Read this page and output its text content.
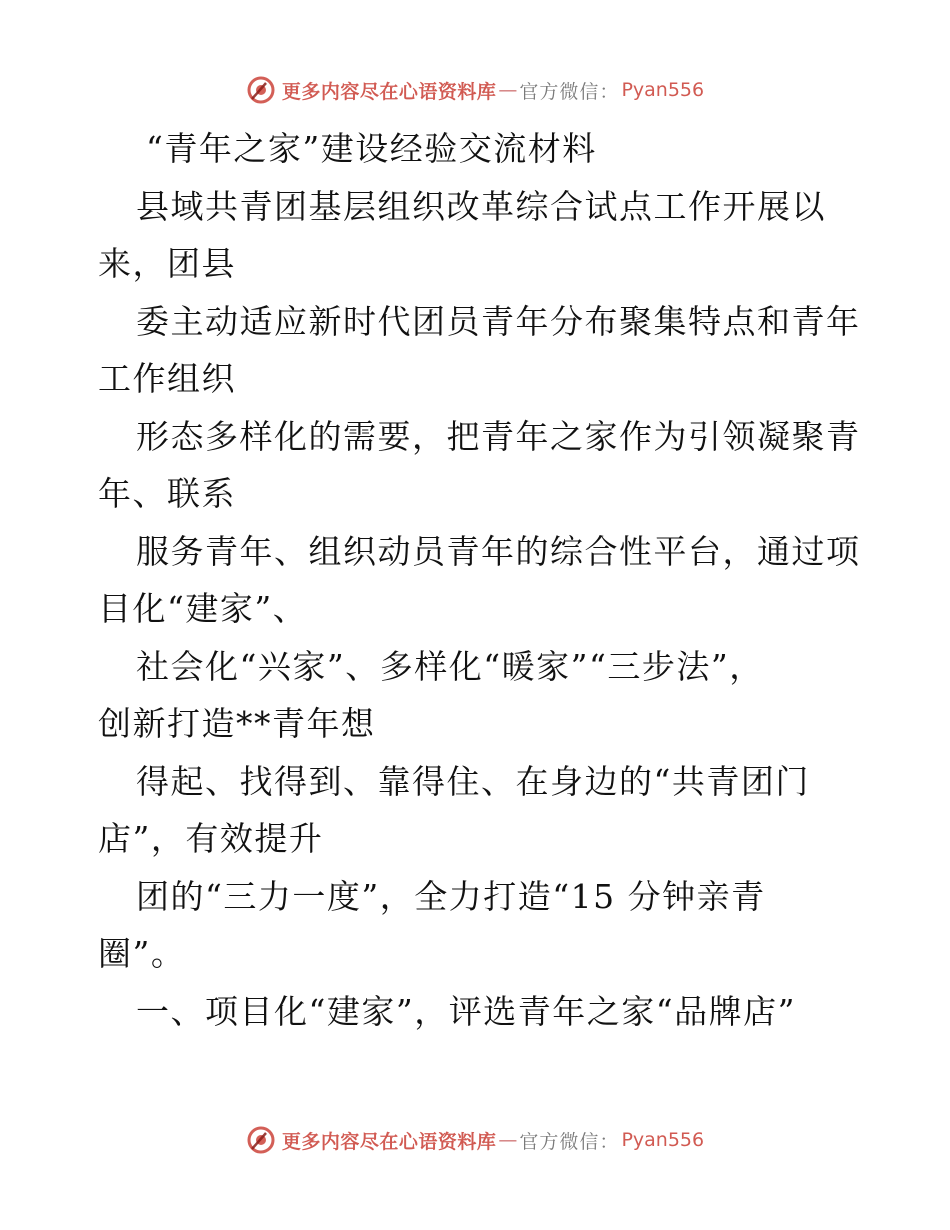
更多内容尽在心语资料库 — 官方微信： Pyan556
“青年之家”建设经验交流材料
县域共青团基层组织改革综合试点工作开展以
来，团县
委主动适应新时代团员青年分布聚集特点和青年
工作组织
形态多样化的需要，把青年之家作为引领凝聚青
年、联系
服务青年、组织动员青年的综合性平台，通过项
目化“建家”、
社会化“兴家”、多样化“暖家”“三步法”，
创新打造**青年想
得起、找得到、靠得住、在身边的“共青团门
店”，有效提升
团的“三力一度”，全力打造“15 分钟亲青
圈”。
一、项目化“建家”，评选青年之家“品牌店”
更多内容尽在心语资料库 — 官方微信： Pyan556
